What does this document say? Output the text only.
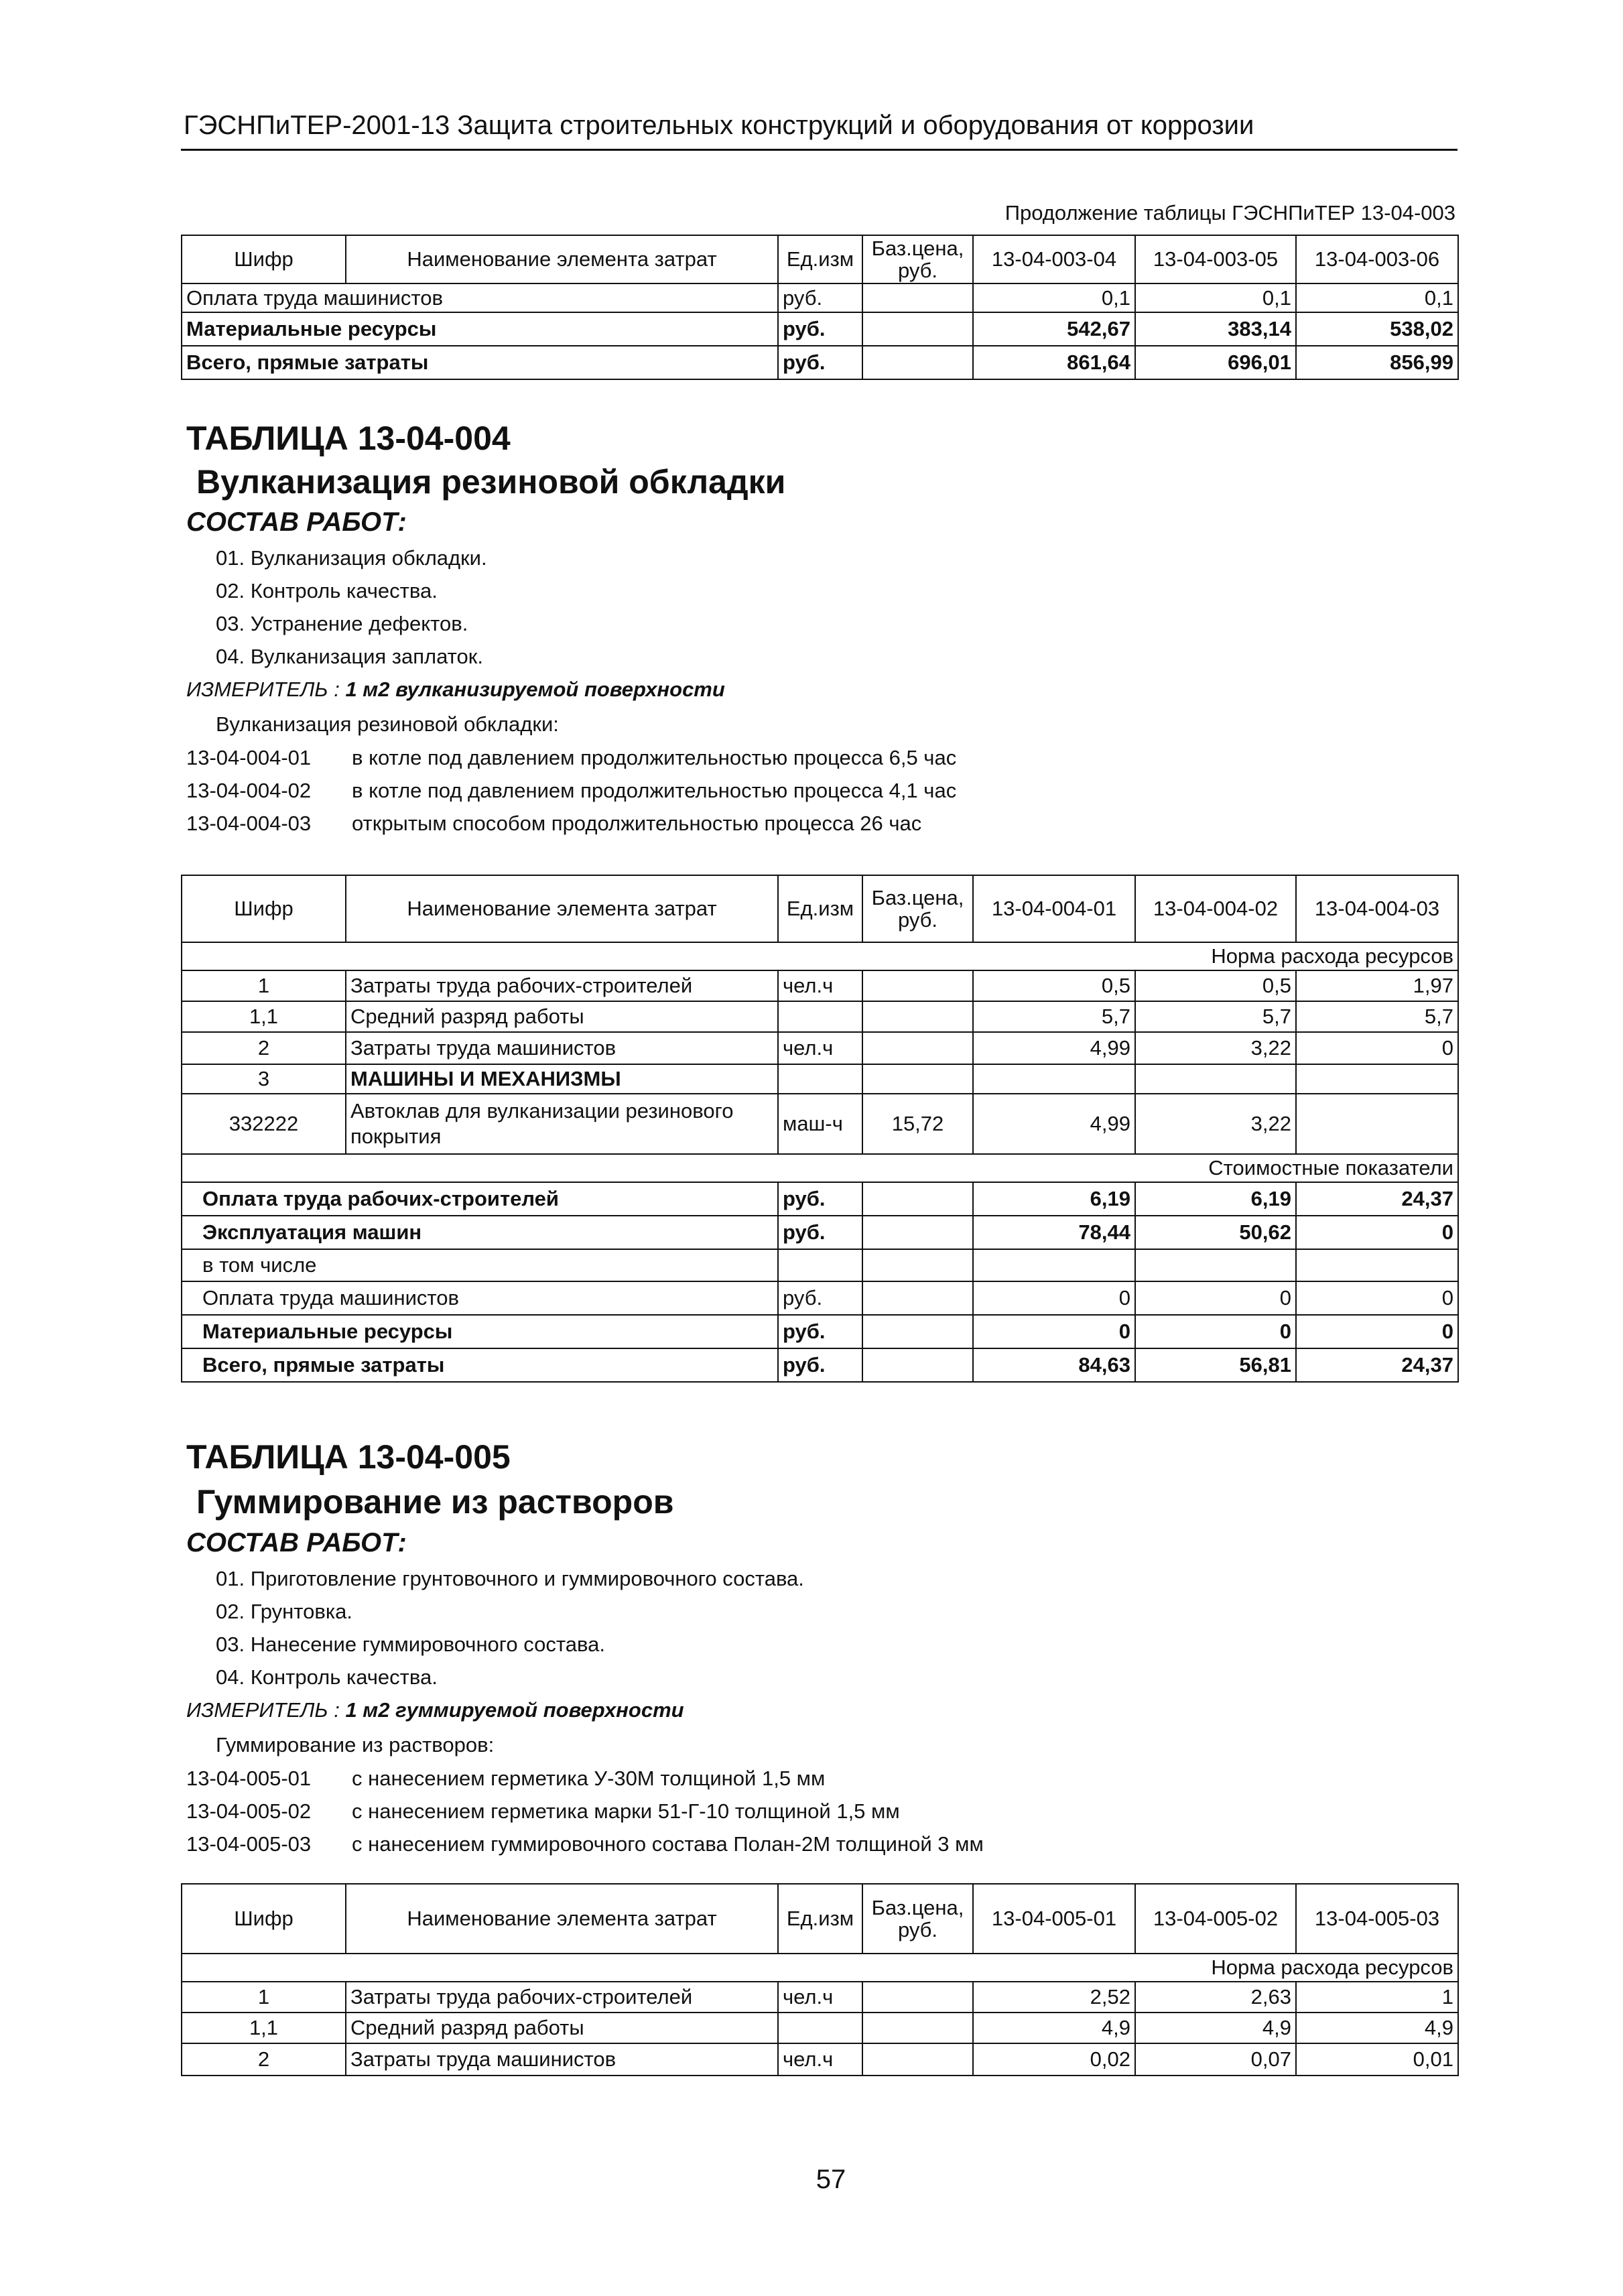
ГЭСНПиТЕР-2001-13 Защита строительных конструкций и оборудования от коррозии
Продолжение таблицы ГЭСНПиТЕР 13-04-003
Шифр	Наименование элемента затрат	Ед.изм	Баз.цена, руб.	13-04-003-04	13-04-003-05	13-04-003-06
Оплата труда машинистов		руб.		0,1	0,1	0,1
Материальные ресурсы		руб.		542,67	383,14	538,02
Всего, прямые затраты		руб.		861,64	696,01	856,99
ТАБЛИЦА 13-04-004
Вулканизация резиновой обкладки
СОСТАВ РАБОТ:
01. Вулканизация обкладки.
02. Контроль качества.
03. Устранение дефектов.
04. Вулканизация заплаток.
ИЗМЕРИТЕЛЬ : 1 м2 вулканизируемой поверхности
Вулканизация резиновой обкладки:
13-04-004-01 в котле под давлением продолжительностью процесса 6,5 час
13-04-004-02 в котле под давлением продолжительностью процесса 4,1 час
13-04-004-03 открытым способом продолжительностью процесса 26 час
Шифр	Наименование элемента затрат	Ед.изм	Баз.цена, руб.	13-04-004-01	13-04-004-02	13-04-004-03
Норма расхода ресурсов						
1	Затраты труда рабочих-строителей	чел.ч		0,5	0,5	1,97
1,1	Средний разряд работы			5,7	5,7	5,7
2	Затраты труда машинистов	чел.ч		4,99	3,22	0
3	МАШИНЫ И МЕХАНИЗМЫ					
332222	Автоклав для вулканизации резинового покрытия	маш-ч	15,72	4,99	3,22	
Стоимостные показатели						
Оплата труда рабочих-строителей		руб.		6,19	6,19	24,37
Эксплуатация машин		руб.		78,44	50,62	0
в том числе						
Оплата труда машинистов		руб.		0	0	0
Материальные ресурсы		руб.		0	0	0
Всего, прямые затраты		руб.		84,63	56,81	24,37
ТАБЛИЦА 13-04-005
Гуммирование из растворов
СОСТАВ РАБОТ:
01. Приготовление грунтовочного и гуммировочного состава.
02. Грунтовка.
03. Нанесение гуммировочного состава.
04. Контроль качества.
ИЗМЕРИТЕЛЬ : 1 м2 гуммируемой поверхности
Гуммирование из растворов:
13-04-005-01 с нанесением герметика У-30М толщиной 1,5 мм
13-04-005-02 с нанесением герметика марки 51-Г-10 толщиной 1,5 мм
13-04-005-03 с нанесением гуммировочного состава Полан-2М толщиной 3 мм
Шифр	Наименование элемента затрат	Ед.изм	Баз.цена, руб.	13-04-005-01	13-04-005-02	13-04-005-03
Норма расхода ресурсов						
1	Затраты труда рабочих-строителей	чел.ч		2,52	2,63	1
1,1	Средний разряд работы			4,9	4,9	4,9
2	Затраты труда машинистов	чел.ч		0,02	0,07	0,01
57
